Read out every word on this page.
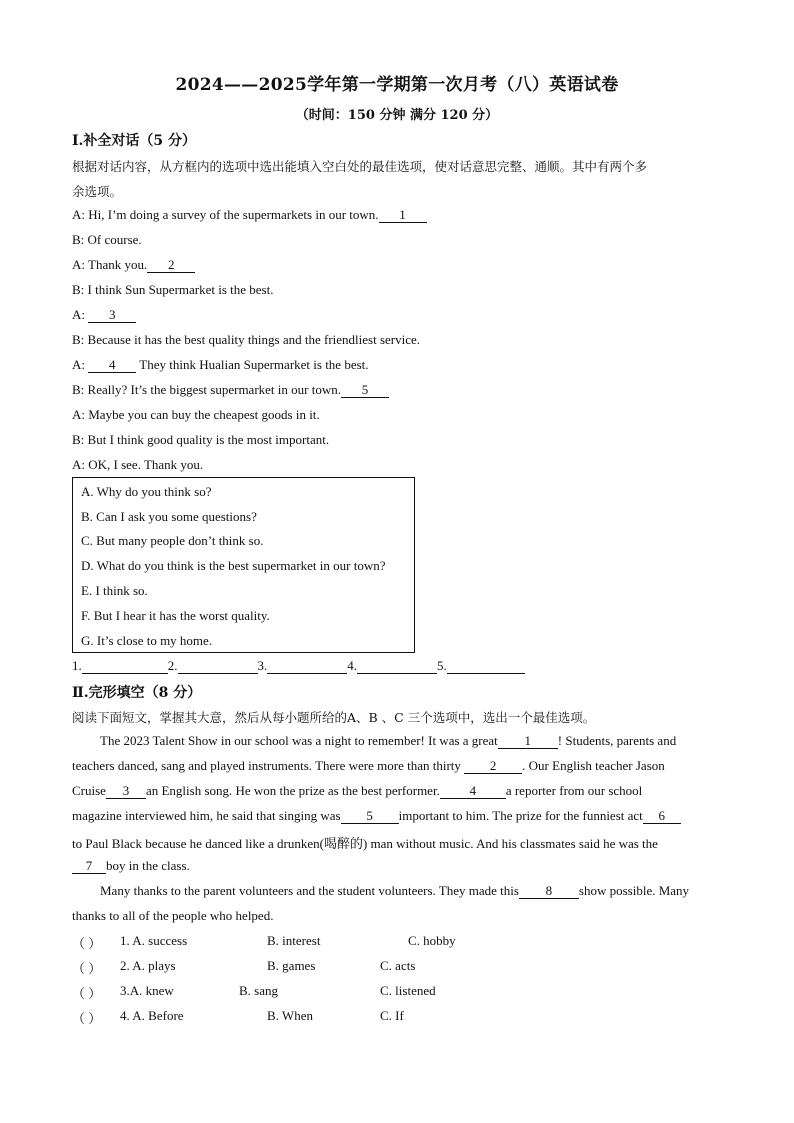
2024——2025学年第一学期第一次月考（八）英语试卷
（时间：150 分钟 满分 120 分）
Ⅰ.补全对话（5 分）
根据对话内容，从方框内的选项中选出能填入空白处的最佳选项，使对话意思完整、通顺。其中有两个多
余选项。
A: Hi, I’m doing a survey of the supermarkets in our town. 1
B: Of course.
A: Thank you. 2
B: I think Sun Supermarket is the best.
A: 3
B: Because it has the best quality things and the friendliest service.
A: 4 They think Hualian Supermarket is the best.
B: Really? It’s the biggest supermarket in our town. 5
A: Maybe you can buy the cheapest goods in it.
B: But I think good quality is the most important.
A: OK, I see. Thank you.
A. Why do you think so?
B. Can I ask you some questions?
C. But many people don’t think so.
D. What do you think is the best supermarket in our town?
E. I think so.
F. But I hear it has the worst quality.
G. It’s close to my home.
1.	2.	3.	4.	5.
Ⅱ.完形填空（8 分）
阅读下面短文，掌握其大意，然后从每小题所给的A、B 、C 三个选项中，选出一个最佳选项。
The 2023 Talent Show in our school was a night to remember! It was a great 1 ! Students, parents and
teachers danced, sang and played instruments. There were more than thirty 2 . Our English teacher Jason
Cruise 3 an English song. He won the prize as the best performer. 4 a reporter from our school
magazine interviewed him, he said that singing was 5 important to him. The prize for the funniest act 6
to Paul Black because he danced like a drunken(喝醉的) man without music. And his classmates said he was the
7 boy in the class.
Many thanks to the parent volunteers and the student volunteers. They made this 8 show possible. Many
thanks to all of the people who helped.
（ ） 1. A. success	B. interest	C. hobby
（ ） 2. A. plays	B. games	C. acts
（ ） 3.A. knew	B. sang	C. listened
（ ） 4. A. Before	B. When	C. If
